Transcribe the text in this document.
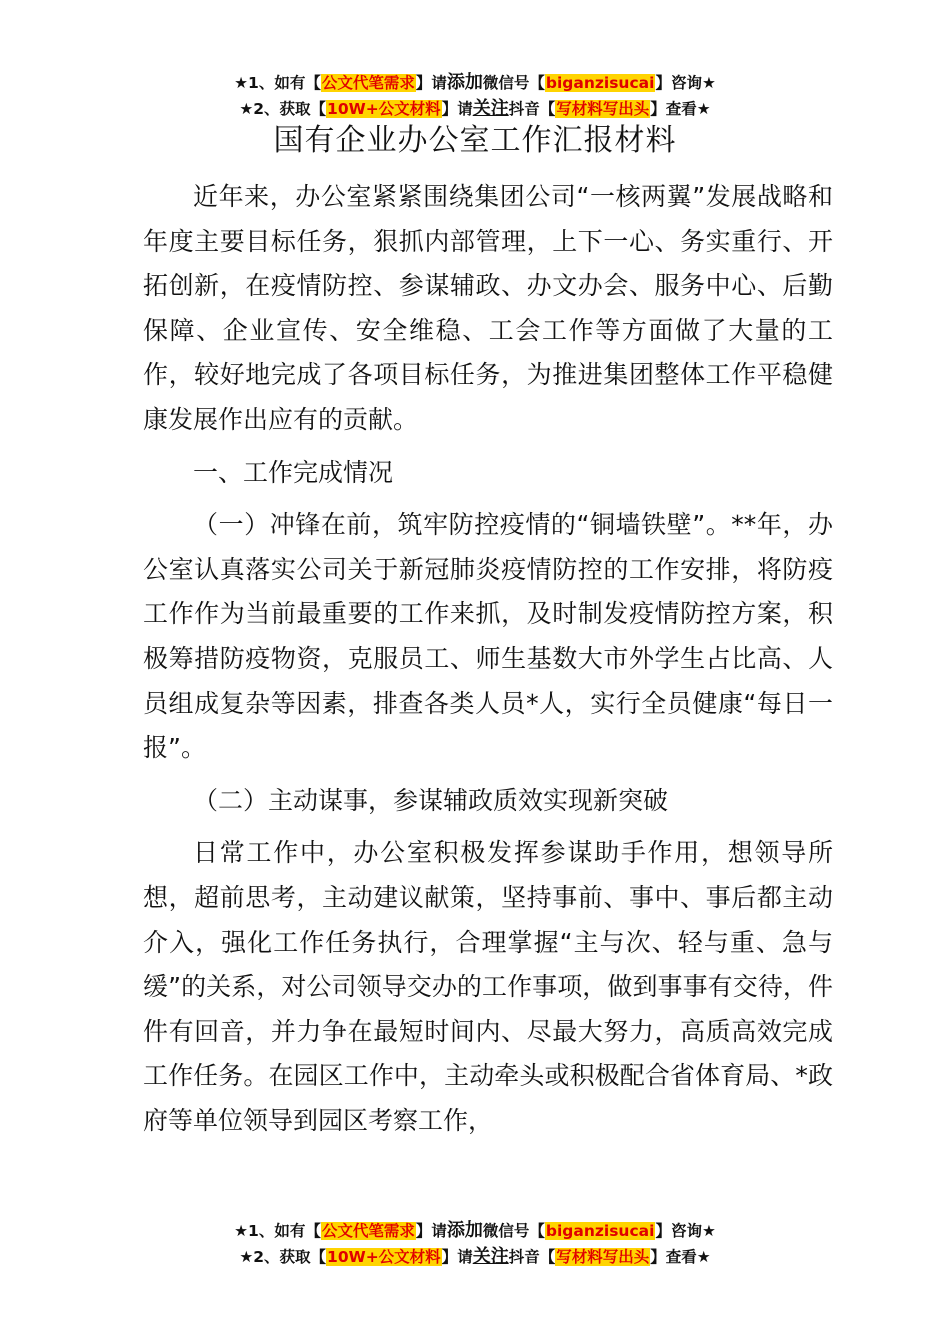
★1、如有【公文代笔需求】请添加微信号【biganzisucai】咨询★
★2、获取【10W+公文材料】请关注抖音【写材料写出头】查看★
国有企业办公室工作汇报材料

近年来，办公室紧紧围绕集团公司“一核两翼”发展战略和年度主要目标任务，狠抓内部管理，上下一心、务实重行、开拓创新，在疫情防控、参谋辅政、办文办会、服务中心、后勤保障、企业宣传、安全维稳、工会工作等方面做了大量的工作，较好地完成了各项目标任务，为推进集团整体工作平稳健康发展作出应有的贡献。

一、工作完成情况

（一）冲锋在前，筑牢防控疫情的“铜墙铁壁”。**年，办公室认真落实公司关于新冠肺炎疫情防控的工作安排，将防疫工作作为当前最重要的工作来抓，及时制发疫情防控方案，积极筹措防疫物资，克服员工、师生基数大市外学生占比高、人员组成复杂等因素，排查各类人员*人，实行全员健康“每日一报”。

（二）主动谋事，参谋辅政质效实现新突破

日常工作中，办公室积极发挥参谋助手作用，想领导所想，超前思考，主动建议献策，坚持事前、事中、事后都主动介入，强化工作任务执行，合理掌握“主与次、轻与重、急与缓”的关系，对公司领导交办的工作事项，做到事事有交待，件件有回音，并力争在最短时间内、尽最大努力，高质高效完成工作任务。在园区工作中，主动牵头或积极配合省体育局、*政府等单位领导到园区考察工作，

★1、如有【公文代笔需求】请添加微信号【biganzisucai】咨询★
★2、获取【10W+公文材料】请关注抖音【写材料写出头】查看★
